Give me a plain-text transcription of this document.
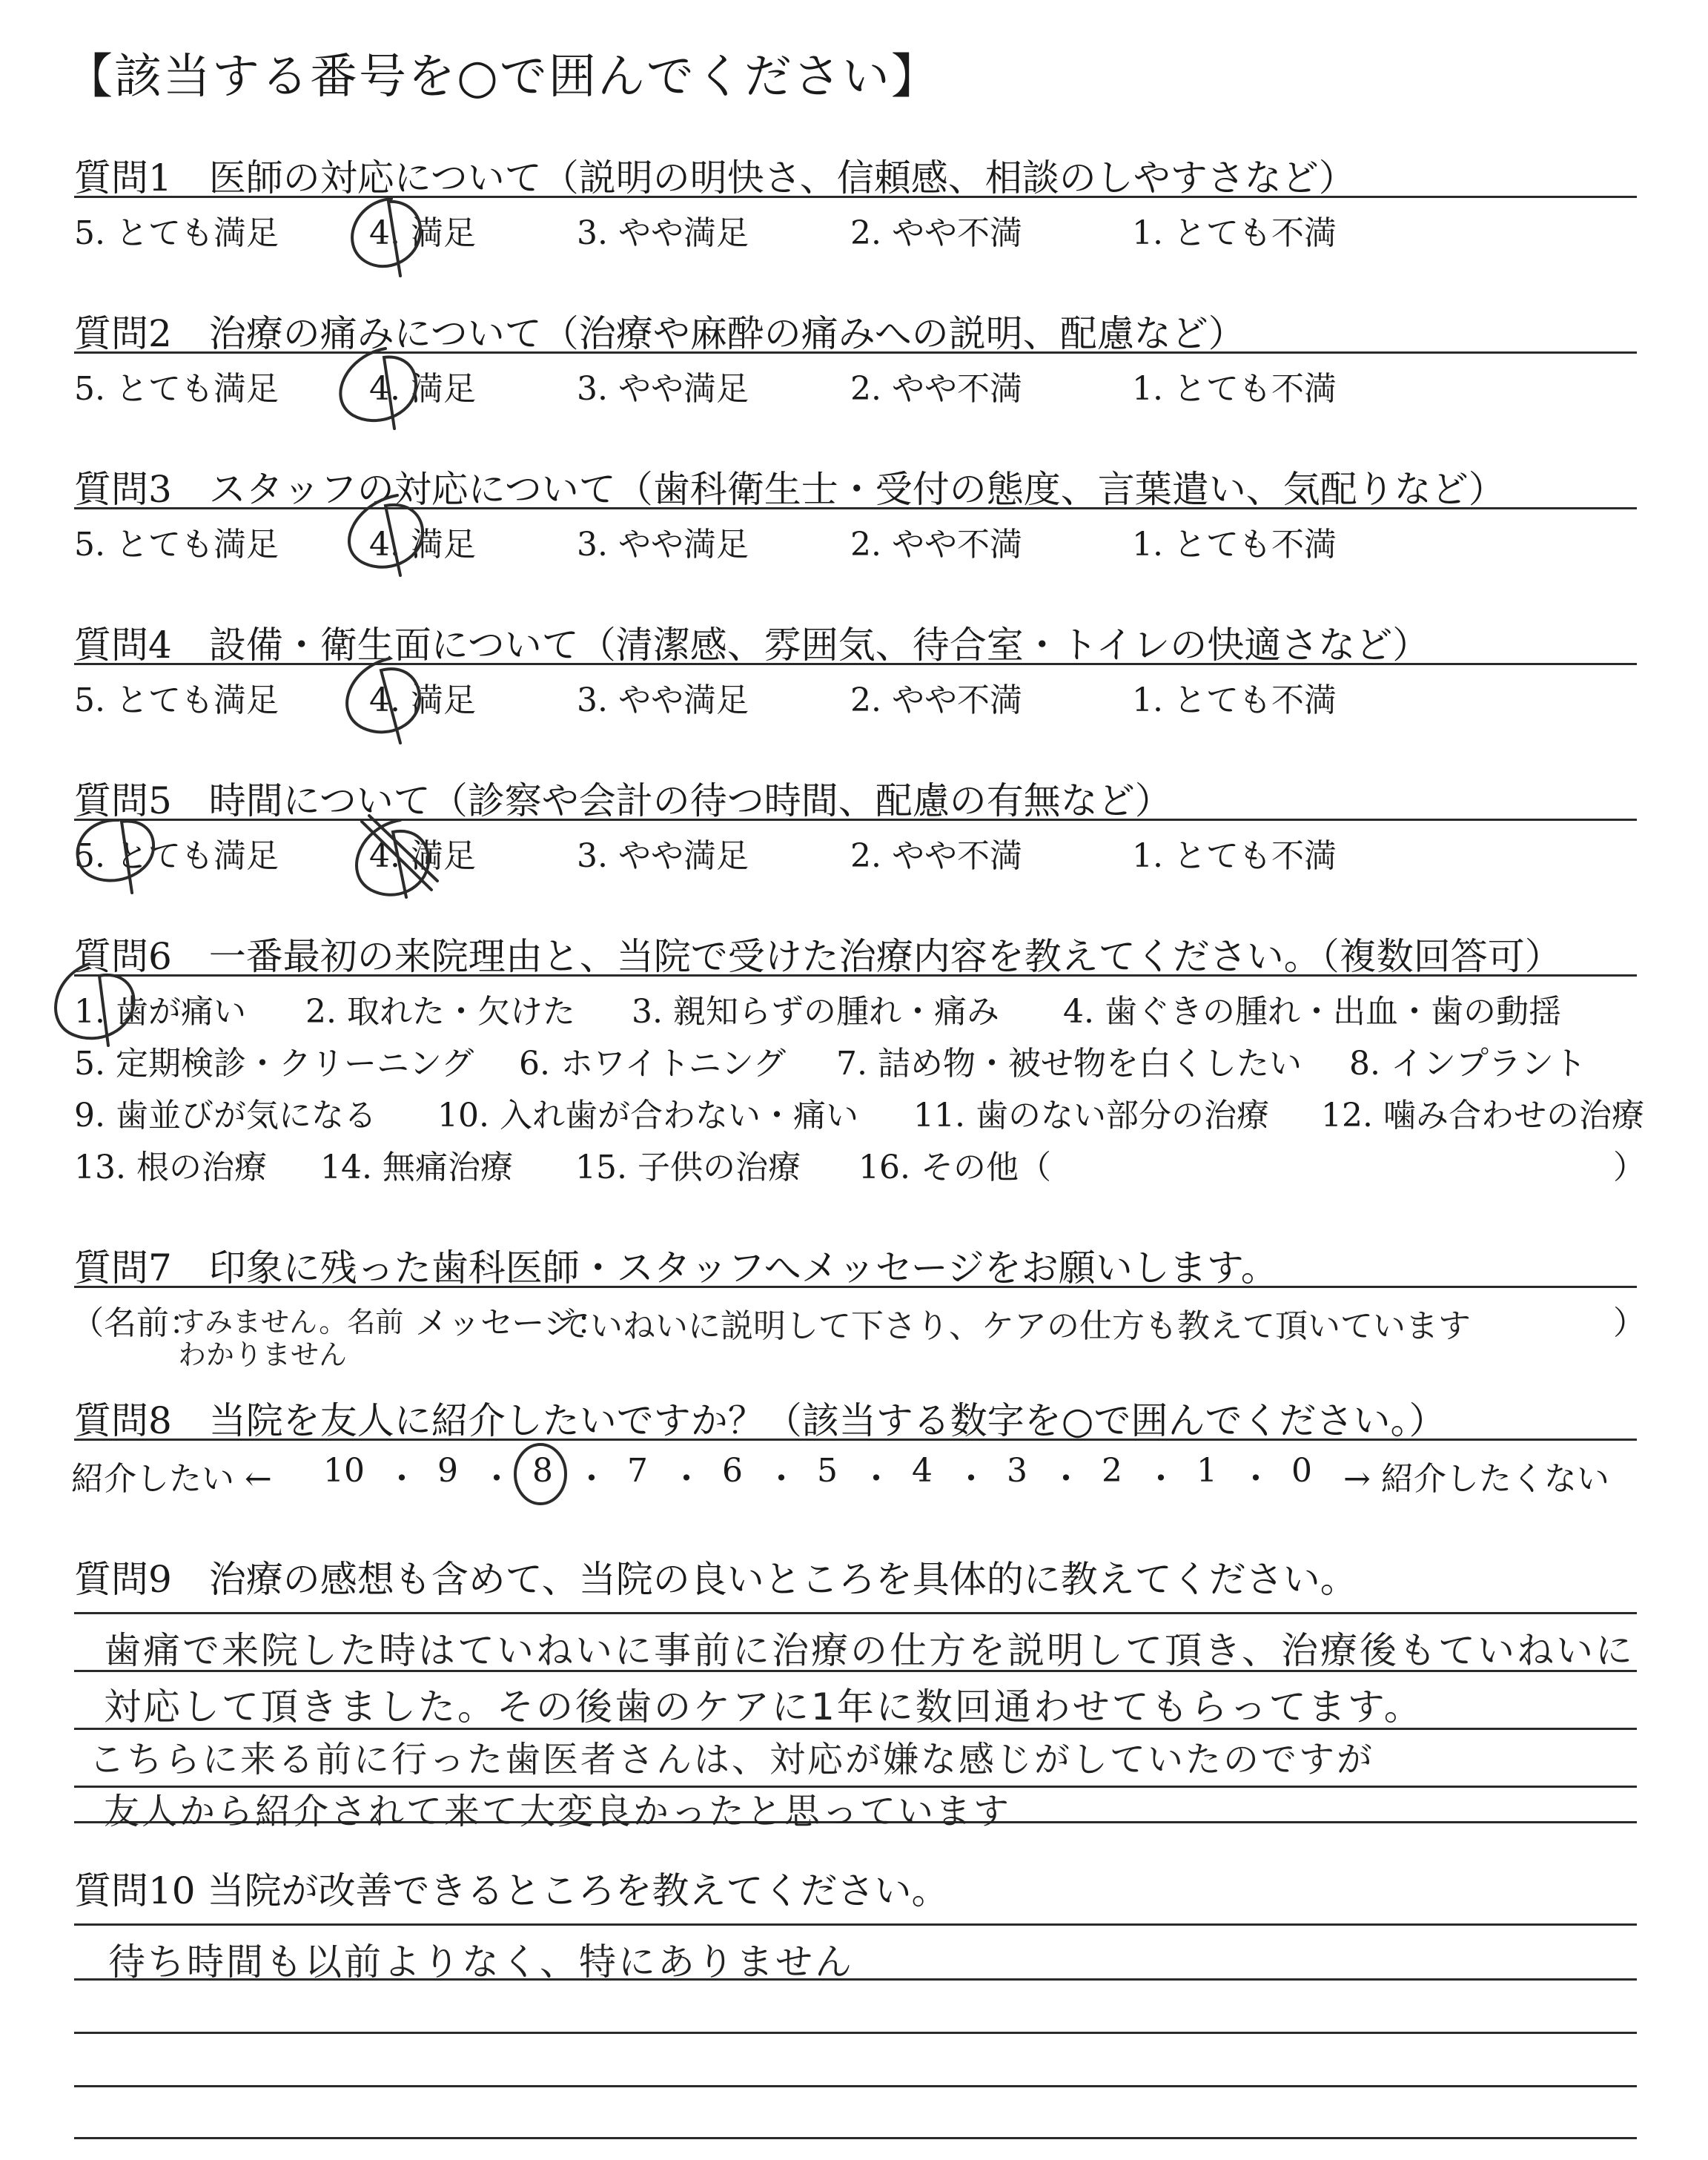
【該当する番号を○で囲んでください】
質問1　医師の対応について（説明の明快さ、信頼感、相談のしやすさなど）
5. とても満足	4. 満足	3. やや満足	2. やや不満	1. とても不満
質問2　治療の痛みについて（治療や麻酔の痛みへの説明、配慮など）
5. とても満足	4. 満足	3. やや満足	2. やや不満	1. とても不満
質問3　スタッフの対応について（歯科衛生士・受付の態度、言葉遣い、気配りなど）
5. とても満足	4. 満足	3. やや満足	2. やや不満	1. とても不満
質問4　設備・衛生面について（清潔感、雰囲気、待合室・トイレの快適さなど）
5. とても満足	4. 満足	3. やや満足	2. やや不満	1. とても不満
質問5　時間について（診察や会計の待つ時間、配慮の有無など）
5. とても満足	4. 満足	3. やや満足	2. やや不満	1. とても不満
質問6　一番最初の来院理由と、当院で受けた治療内容を教えてください。（複数回答可）
1. 歯が痛い 2. 取れた・欠けた 3. 親知らずの腫れ・痛み 4. 歯ぐきの腫れ・出血・歯の動揺
5. 定期検診・クリーニング 6. ホワイトニング 7. 詰め物・被せ物を白くしたい 8. インプラント
9. 歯並びが気になる 10. 入れ歯が合わない・痛い 11. 歯のない部分の治療 12. 噛み合わせの治療
13. 根の治療 14. 無痛治療 15. 子供の治療 16. その他（	）
質問7　印象に残った歯科医師・スタッフへメッセージをお願いします。
（名前：
すみません。名前
わかりません
メッセージ：
ていねいに説明して下さり、ケアの仕方も教えて頂いています	）
質問8　当院を友人に紹介したいですか？（該当する数字を○で囲んでください。）
紹介したい ← 10 ・ 9 ・ 8 ・ 7 ・ 6 ・ 5 ・ 4 ・ 3 ・ 2 ・ 1 ・ 0 → 紹介したくない
質問9　治療の感想も含めて、当院の良いところを具体的に教えてください。
歯痛で来院した時はていねいに事前に治療の仕方を説明して頂き、治療後もていねいに
対応して頂きました。その後歯のケアに1年に数回通わせてもらってます。
こちらに来る前に行った歯医者さんは、対応が嫌な感じがしていたのですが
友人から紹介されて来て大変良かったと思っています
質問10 当院が改善できるところを教えてください。
待ち時間も以前よりなく、特にありません
